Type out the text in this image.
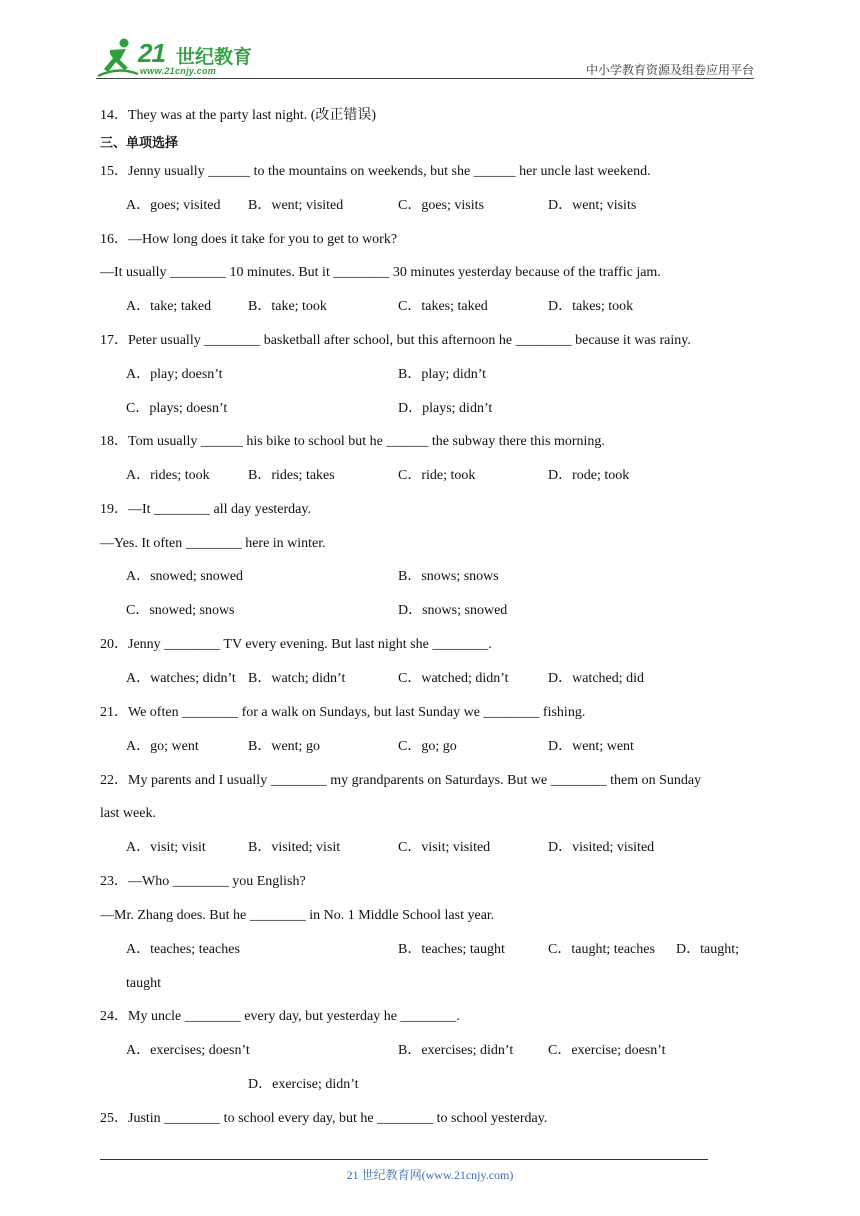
21 世纪教育
www.21cnjy.com	中小学教育资源及组卷应用平台
14．They was at the party last night. (改正错误)
三、单项选择
15．Jenny usually ______ to the mountains on weekends, but she ______ her uncle last weekend.
A．goes; visited B．went; visited	C．goes; visits	D．went; visits
16．—How long does it take for you to get to work?
—It usually ________ 10 minutes. But it ________ 30 minutes yesterday because of the traffic jam.
A．take; taked	B．take; took	C．takes; taked	D．takes; took
17．Peter usually ________ basketball after school, but this afternoon he ________ because it was rainy.
A．play; doesn’t	B．play; didn’t
C．plays; doesn’t	D．plays; didn’t
18．Tom usually ______ his bike to school but he ______ the subway there this morning.
A．rides; took	B．rides; takes	C．ride; took	D．rode; took
19．—It ________ all day yesterday.
—Yes. It often ________ here in winter.
A．snowed; snowed	B．snows; snows
C．snowed; snows	D．snows; snowed
20．Jenny ________ TV every evening. But last night she ________.
A．watches; didn’t B．watch; didn’t	C．watched; didn’t	D．watched; did
21．We often ________ for a walk on Sundays, but last Sunday we ________ fishing.
A．go; went	B．went; go	C．go; go	D．went; went
22．My parents and I usually ________ my grandparents on Saturdays. But we ________ them on Sunday
last week.
A．visit; visit	B．visited; visit	C．visit; visited	D．visited; visited
23．—Who ________ you English?
—Mr. Zhang does. But he ________ in No. 1 Middle School last year.
A．teaches; teaches	B．teaches; taught	C．taught; teaches D．taught;
taught
24．My uncle ________ every day, but yesterday he ________.
A．exercises; doesn’t	B．exercises; didn’t C．exercise; doesn’t
D．exercise; didn’t
25．Justin ________ to school every day, but he ________ to school yesterday.
21 世纪教育网(www.21cnjy.com)
